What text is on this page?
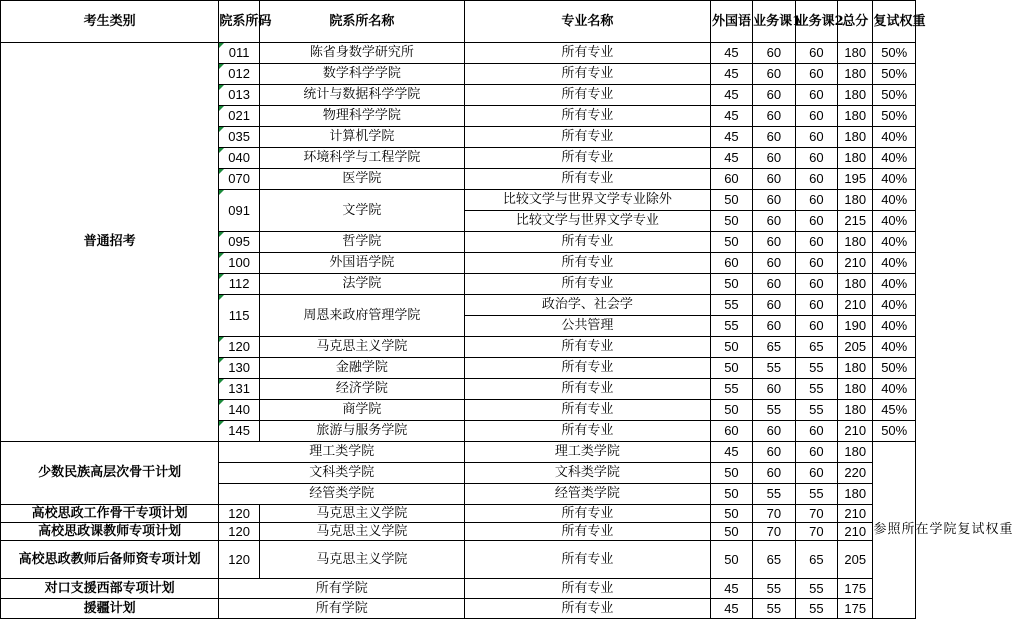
考生类别	院系所码	院系所名称	专业名称	外国语	业务课1	业务课2	总分	复试权重
普通招考	011	陈省身数学研究所	所有专业	45	60	60	180	50%
	012	数学科学学院	所有专业	45	60	60	180	50%
	013	统计与数据科学学院	所有专业	45	60	60	180	50%
	021	物理科学学院	所有专业	45	60	60	180	50%
	035	计算机学院	所有专业	45	60	60	180	40%
	040	环境科学与工程学院	所有专业	45	60	60	180	40%
	070	医学院	所有专业	60	60	60	195	40%
	091	文学院	比较文学与世界文学专业除外	50	60	60	180	40%
			比较文学与世界文学专业	50	60	60	215	40%
	095	哲学院	所有专业	50	60	60	180	40%
	100	外国语学院	所有专业	60	60	60	210	40%
	112	法学院	所有专业	50	60	60	180	40%
	115	周恩来政府管理学院	政治学、社会学	55	60	60	210	40%
			公共管理	55	60	60	190	40%
	120	马克思主义学院	所有专业	50	65	65	205	40%
	130	金融学院	所有专业	50	55	55	180	50%
	131	经济学院	所有专业	55	60	55	180	40%
	140	商学院	所有专业	50	55	55	180	45%
	145	旅游与服务学院	所有专业	60	60	60	210	50%
少数民族高层次骨干计划	理工类学院		理工类学院	45	60	60	180	参照所在学院复试权重
	文科类学院		文科类学院	50	60	60	220	
	经管类学院		经管类学院	50	55	55	180	
高校思政工作骨干专项计划	120	马克思主义学院	所有专业	50	70	70	210	
高校思政课教师专项计划	120	马克思主义学院	所有专业	50	70	70	210	
高校思政教师后备师资专项计划	120	马克思主义学院	所有专业	50	65	65	205	
对口支援西部专项计划	所有学院		所有专业	45	55	55	175	
援疆计划	所有学院		所有专业	45	55	55	175	
